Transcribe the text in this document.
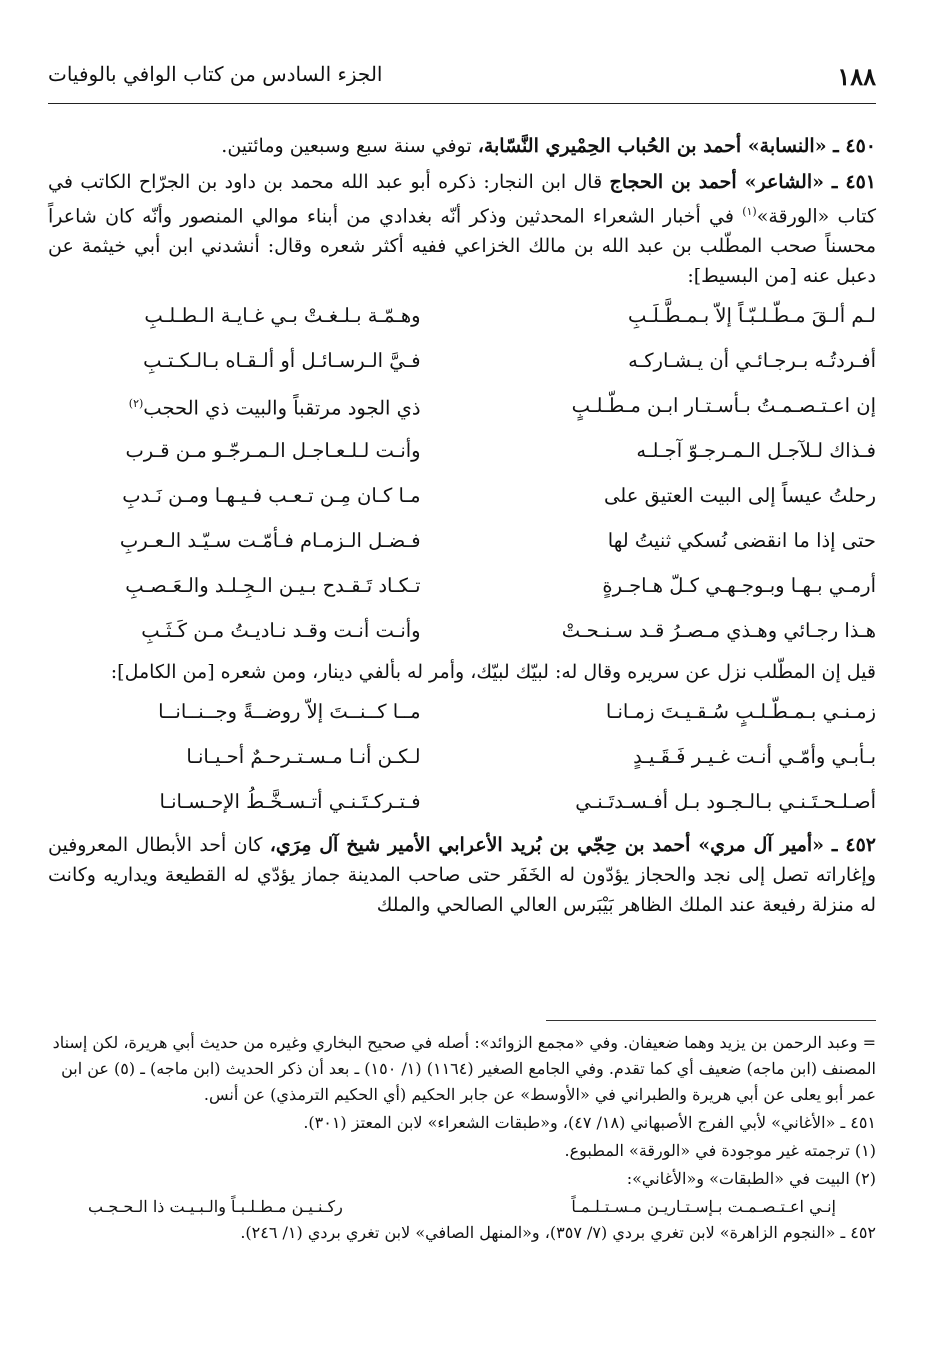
١٨٨
الجزء السادس من كتاب الوافي بالوفيات

٤٥٠ ـ «النسابة» أحمد بن الحُباب الحِمْيري النَّسّابة، توفي سنة سبع وسبعين ومائتين.

٤٥١ ـ «الشاعر» أحمد بن الحجاج قال ابن النجار: ذكره أبو عبد الله محمد بن داود بن الجرّاح الكاتب في كتاب «الورقة»$^{(١)}$ في أخبار الشعراء المحدثين وذكر أنّه بغدادي من أبناء موالي المنصور وأنّه كان شاعراً محسناً صحب المطّلب بن عبد الله بن مالك الخزاعي ففيه أكثر شعره وقال: أنشدني ابن أبي خيثمة عن دعبل عنه [من البسيط]:

لـم ألـقَ مـطّـلـبّـاً إلاّ بـمـطَّـلَـبِ
وهـمّـة بـلـغـتْ بـي غـايـة الـطـلـبِ
أفـردتُـه بـرجـائـي أن يـشـاركـه
فـيَّ الـرسـائـل أو ألـقـاه بـالـكـتـبِ
إن اعـتـصـمـتُ بـأسـتـار ابـن مـطّـلـبٍ
ذي الجود مرتقباً والبيت ذي الحجب$^{(٢)}$
فـذاك لـلآجـل الـمـرجـوّ آجـلـه
وأنـت لـلـعـاجـل الـمـرجّـو مـن قـرب
رحلتُ عيساً إلى البيت العتيق على
مـا كـان مِـن تـعـب فـيـهـا ومـن نَـدبِ
حتى إذا ما انقضى نُسكي ثنيتُ لها
فـضـل الـزمـام فـأمّـت سـيّـد الـعـربِ
أرمـي بـهـا وبـوجـهـي كـلّ هـاجـرةٍ
تـكـاد تَـقـدح بـيـن الـجِـلـد والـعَـصـبِ
هـذا رجـائي وهـذي مـصـرُ قـد سـنـحـتْ
وأنـت أنـت وقـد نـاديـتُ مـن كَـثَـبِ

قيل إن المطّلب نزل عن سريره وقال له: لبيّك لبيّك، وأمر له بألفي دينار، ومن شعره [من الكامل]:

زمـنـي بـمـطّـلـبٍ سُـقـيـتَ زمـانـا
مــا كــنــتَ إلاّ روضــةً وجــنــانــا
بـأبـي وأمّـي أنـت غـيـر فَـقَـيـدٍ
لـكـن أنـا مـسـتـرحـمٌ أحـيـانـا
أصـلـحـتَـنـي بـالـجـود بـل أفـسـدتَـنـي
فـتـركـتَـنـي أتـسـخَّـطُ الإحـسـانـا

٤٥٢ ـ «أمير آل مري» أحمد بن حِجّي بن بُريد الأعرابي الأمير شيخ آل مِرَي، كان أحد الأبطال المعروفين وإغاراته تصل إلى نجد والحجاز يؤدّون له الخَفَر حتى صاحب المدينة جماز يؤدّي له القطيعة ويداريه وكانت له منزلة رفيعة عند الملك الظاهر بَيْبَرس العالي الصالحي والملك

= وعبد الرحمن بن يزيد وهما ضعيفان. وفي «مجمع الزوائد»: أصله في صحيح البخاري وغيره من حديث أبي هريرة، لكن إسناد المصنف (ابن ماجه) ضعيف أي كما تقدم. وفي الجامع الصغير (١١٦٤) (١/ ١٥٠) ـ بعد أن ذكر الحديث (ابن ماجه) ـ (٥) عن ابن عمر أبو يعلى عن أبي هريرة والطبراني في «الأوسط» عن جابر الحكيم (أي الحكيم الترمذي) عن أنس.

٤٥١ ـ «الأغاني» لأبي الفرج الأصبهاني (١٨/ ٤٧)، و«طبقات الشعراء» لابن المعتز (٣٠١).

(١) ترجمته غير موجودة في «الورقة» المطبوع.

(٢) البيت في «الطبقات» و«الأغاني»:

إنـي اعـتـصـمـت بـإسـتـاريـن مـسـتـلـمـاً
ركـنـيـن مـطـلـبـاً والـبـيـت ذا الـحـجـب

٤٥٢ ـ «النجوم الزاهرة» لابن تغري بردي (٧/ ٣٥٧)، و«المنهل الصافي» لابن تغري بردي (١/ ٢٤٦).
